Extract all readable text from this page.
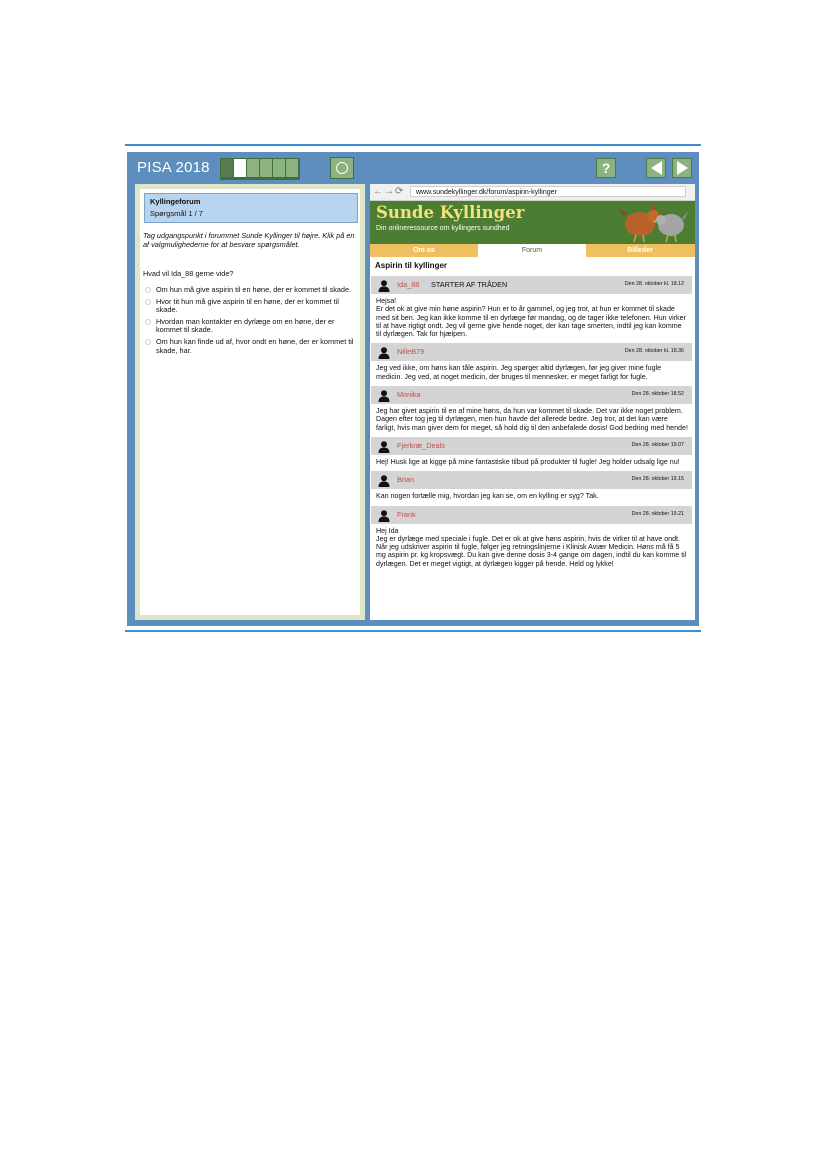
PISA 2018	?
Kyllingeforum
Spørgsmål 1 / 7
Tag udgangspunkt i forummet Sunde Kyllinger til højre. Klik på en af valgmulighederne for at besvare spørgsmålet.
Hvad vil Ida_88 gerne vide?
Om hun må give aspirin til en høne, der er kommet til skade.
Hvor tit hun må give aspirin til en høne, der er kommet til skade.
Hvordan man kontakter en dyrlæge om en høne, der er kommet til skade.
Om hun kan finde ud af, hvor ondt en høne, der er kommet til skade, har.
← → ⟳	www.sundekyllinger.dk/forum/aspirin-kyllinger
Sunde Kyllinger
Din onlineressource om kyllingers sundhed
Om os	Forum	Billeder
Aspirin til kyllinger
Ida_88 STARTER AF TRÅDEN	Den 28. oktober kl. 18.12
Hejsa!
Er det ok at give min høne aspirin? Hun er to år gammel, og jeg tror, at hun er kommet til skade med sit ben. Jeg kan ikke komme til en dyrlæge før mandag, og de tager ikke telefonen. Hun virker til at have rigtigt ondt. Jeg vil gerne give hende noget, der kan tage smerten, indtil jeg kan komme til dyrlægen. Tak for hjælpen.
NilleB79	Den 28. oktober kl. 18.36
Jeg ved ikke, om høns kan tåle aspirin. Jeg spørger altid dyrlægen, før jeg giver mine fugle medicin. Jeg ved, at noget medicin, der bruges til mennesker, er meget farligt for fugle.
Monika	Den 28. oktober 18.52
Jeg har givet aspirin til en af mine høns, da hun var kommet til skade. Det var ikke noget problem. Dagen efter tog jeg til dyrlægen, men hun havde det allerede bedre. Jeg tror, at det kan være farligt, hvis man giver dem for meget, så hold dig til den anbefalede dosis! God bedring med hende!
Fjerkræ_Deals	Den 28. oktober 19.07
Hej! Husk lige at kigge på mine fantastiske tilbud på produkter til fugle! Jeg holder udsalg lige nu!
Brian	Den 28. oktober 19.15
Kan nogen fortælle mig, hvordan jeg kan se, om en kylling er syg? Tak.
Frank	Den 28. oktober 19.21
Hej Ida
Jeg er dyrlæge med speciale i fugle. Det er ok at give høns aspirin, hvis de virker til at have ondt. Når jeg udskriver aspirin til fugle, følger jeg retningslinjerne i Klinisk Aviær Medicin. Høns må få 5 mg aspirin pr. kg kropsvægt. Du kan give denne dosis 3-4 gange om dagen, indtil du kan komme til dyrlægen. Det er meget vigtigt, at dyrlægen kigger på hende. Held og lykke!
